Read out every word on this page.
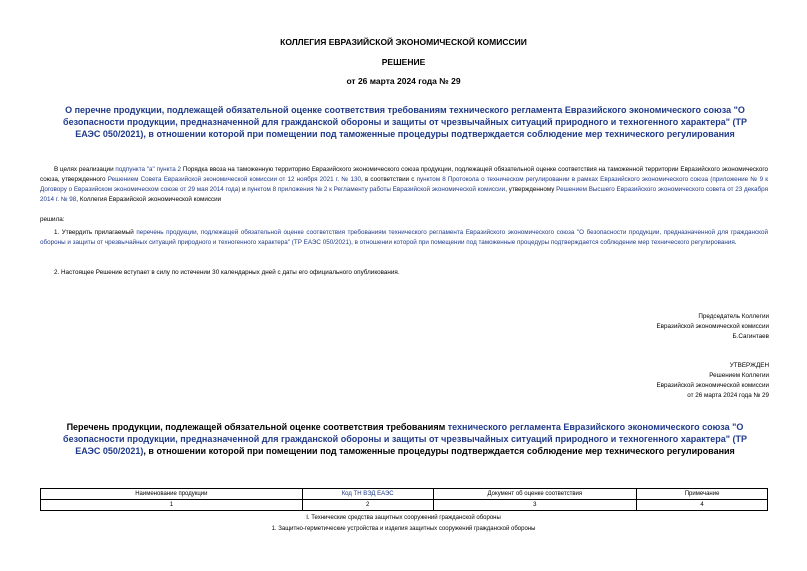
КОЛЛЕГИЯ ЕВРАЗИЙСКОЙ ЭКОНОМИЧЕСКОЙ КОМИССИИ
РЕШЕНИЕ
от 26 марта 2024 года № 29
О перечне продукции, подлежащей обязательной оценке соответствия требованиям технического регламента Евразийского экономического союза "О безопасности продукции, предназначенной для гражданской обороны и защиты от чрезвычайных ситуаций природного и техногенного характера" (ТР ЕАЭС 050/2021), в отношении которой при помещении под таможенные процедуры подтверждается соблюдение мер технического регулирования
В целях реализации подпункта "а" пункта 2 Порядка ввоза на таможенную территорию Евразийского экономического союза продукции, подлежащей обязательной оценке соответствия на таможенной территории Евразийского экономического союза, утвержденного Решением Совета Евразийской экономической комиссии от 12 ноября 2021 г. № 130, в соответствии с пунктом 8 Протокола о техническом регулировании в рамках Евразийского экономического союза (приложение № 9 к Договору о Евразийском экономическом союзе от 29 мая 2014 года) и пунктом 8 приложения № 2 к Регламенту работы Евразийской экономической комиссии, утвержденному Решением Высшего Евразийского экономического совета от 23 декабря 2014 г. № 98, Коллегия Евразийской экономической комиссии
решила:
1. Утвердить прилагаемый перечень продукции, подлежащей обязательной оценке соответствия требованиям технического регламента Евразийского экономического союза "О безопасности продукции, предназначенной для гражданской обороны и защиты от чрезвычайных ситуаций природного и техногенного характера" (ТР ЕАЭС 050/2021), в отношении которой при помещении под таможенные процедуры подтверждается соблюдение мер технического регулирования.
2. Настоящее Решение вступает в силу по истечении 30 календарных дней с даты его официального опубликования.
Председатель Коллегии
Евразийской экономической комиссии
Б.Сагинтаев
УТВЕРЖДЕН
Решением Коллегии
Евразийской экономической комиссии
от 26 марта 2024 года № 29
Перечень продукции, подлежащей обязательной оценке соответствия требованиям технического регламента Евразийского экономического союза "О безопасности продукции, предназначенной для гражданской обороны и защиты от чрезвычайных ситуаций природного и техногенного характера" (ТР ЕАЭС 050/2021), в отношении которой при помещении под таможенные процедуры подтверждается соблюдение мер технического регулирования
Наименование продукции	Код ТН ВЭД ЕАЭС	Документ об оценке соответствия	Примечание
1	2	3	4
I. Технические средства защитных сооружений гражданской обороны
1. Защитно-герметические устройства и изделия защитных сооружений гражданской обороны
